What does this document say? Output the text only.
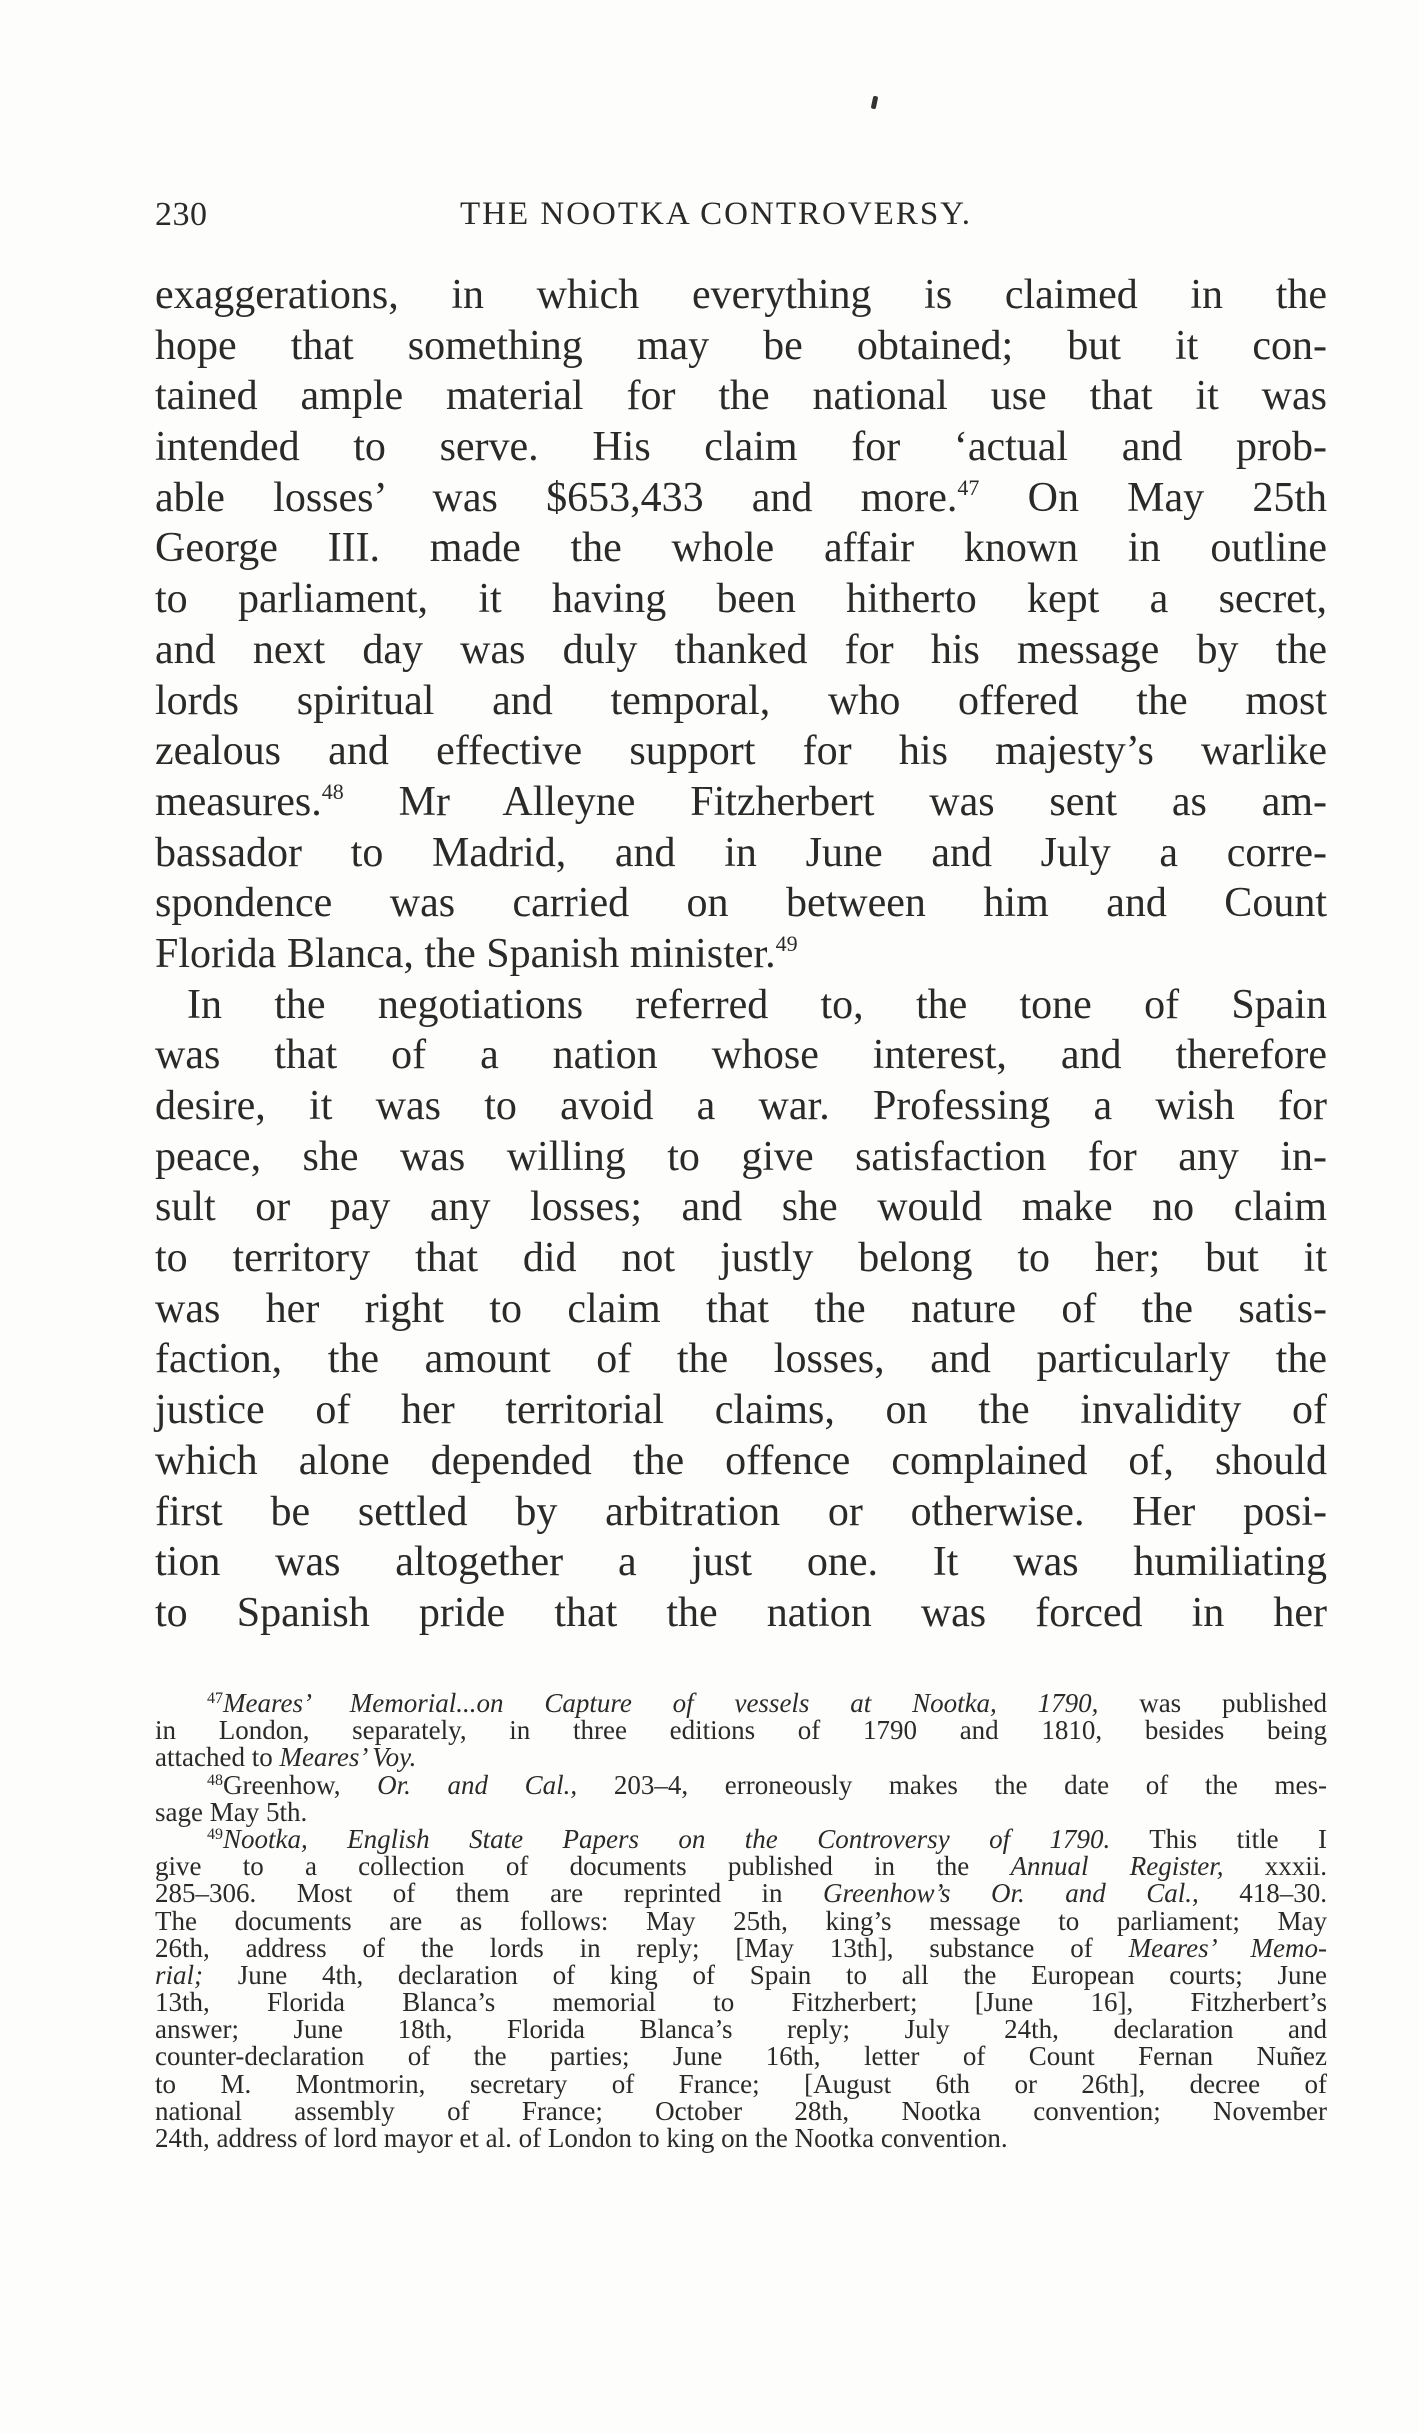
230	THE NOOTKA CONTROVERSY.
exaggerations, in which everything is claimed in the
hope that something may be obtained; but it con-
tained ample material for the national use that it was
intended to serve. His claim for ‘actual and prob-
able losses’ was $653,433 and more.$^{47}$ On May 25th
George III. made the whole affair known in outline
to parliament, it having been hitherto kept a secret,
and next day was duly thanked for his message by the
lords spiritual and temporal, who offered the most
zealous and effective support for his majesty’s warlike
measures.$^{48}$ Mr Alleyne Fitzherbert was sent as am-
bassador to Madrid, and in June and July a corre-
spondence was carried on between him and Count
Florida Blanca, the Spanish minister.$^{49}$
In the negotiations referred to, the tone of Spain
was that of a nation whose interest, and therefore
desire, it was to avoid a war. Professing a wish for
peace, she was willing to give satisfaction for any in-
sult or pay any losses; and she would make no claim
to territory that did not justly belong to her; but it
was her right to claim that the nature of the satis-
faction, the amount of the losses, and particularly the
justice of her territorial claims, on the invalidity of
which alone depended the offence complained of, should
first be settled by arbitration or otherwise. Her posi-
tion was altogether a just one. It was humiliating
to Spanish pride that the nation was forced in her
$^{47}$Meares’ Memorial...on Capture of vessels at Nootka, 1790, was published
in London, separately, in three editions of 1790 and 1810, besides being
attached to Meares’ Voy.
$^{48}$Greenhow, Or. and Cal., 203–4, erroneously makes the date of the mes-
sage May 5th.
$^{49}$Nootka, English State Papers on the Controversy of 1790. This title I
give to a collection of documents published in the Annual Register, xxxii.
285–306. Most of them are reprinted in Greenhow’s Or. and Cal., 418–30.
The documents are as follows: May 25th, king’s message to parliament; May
26th, address of the lords in reply; [May 13th], substance of Meares’ Memo-
rial; June 4th, declaration of king of Spain to all the European courts; June
13th, Florida Blanca’s memorial to Fitzherbert; [June 16], Fitzherbert’s
answer; June 18th, Florida Blanca’s reply; July 24th, declaration and
counter-declaration of the parties; June 16th, letter of Count Fernan Nuñez
to M. Montmorin, secretary of France; [August 6th or 26th], decree of
national assembly of France; October 28th, Nootka convention; November
24th, address of lord mayor et al. of London to king on the Nootka convention.
